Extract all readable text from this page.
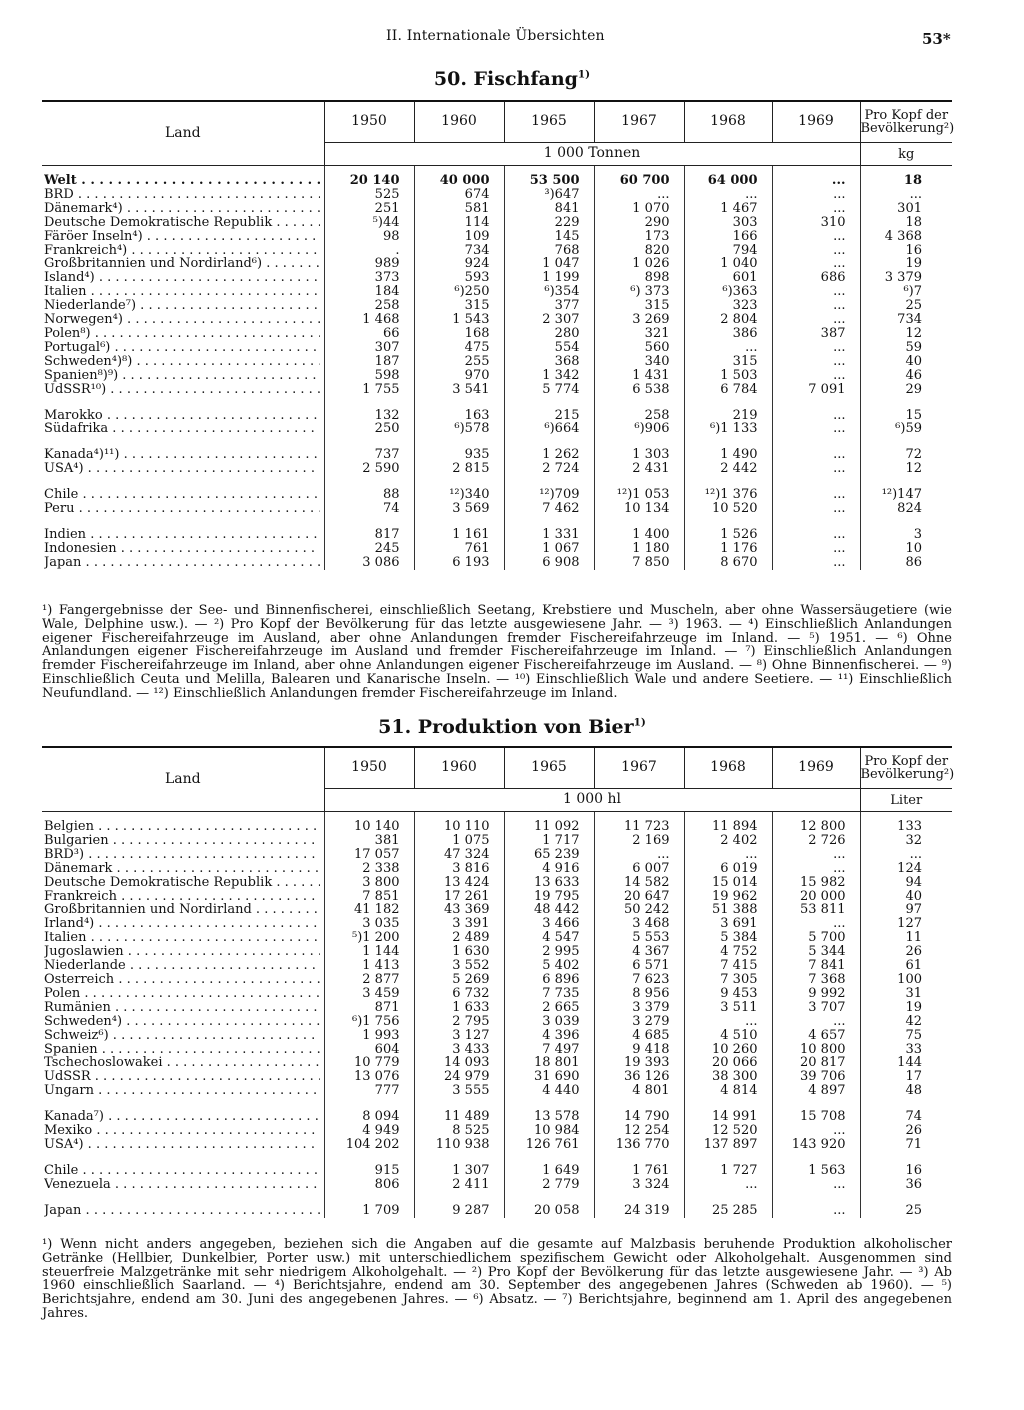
II. Internationale Übersichten	53*
50. Fischfang$^{1)}$
Land	1950	1960	1965	1967	1968	1969	Pro Kopf der Bevölkerung²)
	1 000 Tonnen						kg

Welt . . .	20 140	40 000	53 500	60 700	64 000	...	18

BRD . . .	525	674	³)647	...	...	...	...

Dänemark⁴) . . .	251	581	841	1 070	1 467	...	301

Deutsche Demokratische Republik . . .	⁵)44	114	229	290	303	310	18

Färöer Inseln⁴) . . .	98	109	145	173	166	...	4 368

Frankreich⁴) . . .	.	734	768	820	794	...	16

Großbritannien und Nordirland⁶) . . .	989	924	1 047	1 026	1 040	...	19

Island⁴) . . .	373	593	1 199	898	601	686	3 379

Italien . . .	184	⁶)250	⁶)354	⁶) 373	⁶)363	...	⁶)7

Niederlande⁷) . . .	258	315	377	315	323	...	25

Norwegen⁴) . . .	1 468	1 543	2 307	3 269	2 804	...	734

Polen⁸) . . .	66	168	280	321	386	387	12

Portugal⁶) . . .	307	475	554	560	...	...	59

Schweden⁴)⁸) . . .	187	255	368	340	315	...	40

Spanien⁸)⁹) . . .	598	970	1 342	1 431	1 503	...	46

UdSSR¹⁰) . . .	1 755	3 541	5 774	6 538	6 784	7 091	29

Marokko . . .	132	163	215	258	219	...	15

Südafrika . . .	250	⁶)578	⁶)664	⁶)906	⁶)1 133	...	⁶)59

Kanada⁴)¹¹) . . .	737	935	1 262	1 303	1 490	...	72

USA⁴) . . .	2 590	2 815	2 724	2 431	2 442	...	12

Chile . . .	88	¹²)340	¹²)709	¹²)1 053	¹²)1 376	...	¹²)147

Peru . . .	74	3 569	7 462	10 134	10 520	...	824

Indien . . .	817	1 161	1 331	1 400	1 526	...	3

Indonesien . . .	245	761	1 067	1 180	1 176	...	10

Japan . . .	3 086	6 193	6 908	7 850	8 670	...	86
¹) Fangergebnisse der See- und Binnenfischerei, einschließlich Seetang, Krebstiere und Muscheln, aber ohne Wassersäugetiere (wie Wale, Delphine usw.). — ²) Pro Kopf der Bevölkerung für das letzte ausgewiesene Jahr. — ³) 1963. — ⁴) Einschließlich Anlandungen eigener Fischereifahrzeuge im Ausland, aber ohne Anlandungen fremder Fischereifahrzeuge im Inland. — ⁵) 1951. — ⁶) Ohne Anlandungen eigener Fischereifahrzeuge im Ausland und fremder Fischereifahrzeuge im Inland. — ⁷) Einschließlich Anlandungen fremder Fischereifahrzeuge im Inland, aber ohne Anlandungen eigener Fischereifahrzeuge im Ausland. — ⁸) Ohne Binnenfischerei. — ⁹) Einschließlich Ceuta und Melilla, Balearen und Kanarische Inseln. — ¹⁰) Einschließlich Wale und andere Seetiere. — ¹¹) Einschließlich Neufundland. — ¹²) Einschließlich Anlandungen fremder Fischereifahrzeuge im Inland.
51. Produktion von Bier$^{1)}$
Land	1950	1960	1965	1967	1968	1969	Pro Kopf der Bevölkerung²)
	1 000 hl						Liter

Belgien . . .	10 140	10 110	11 092	11 723	11 894	12 800	133

Bulgarien . . .	381	1 075	1 717	2 169	2 402	2 726	32

BRD³) . . .	17 057	47 324	65 239	...	...	...	...

Dänemark . . .	2 338	3 816	4 916	6 007	6 019	...	124

Deutsche Demokratische Republik . . .	3 800	13 424	13 633	14 582	15 014	15 982	94

Frankreich . . .	7 851	17 261	19 795	20 647	19 962	20 000	40

Großbritannien und Nordirland . . .	41 182	43 369	48 442	50 242	51 388	53 811	97

Irland⁴) . . .	3 035	3 391	3 466	3 468	3 691	...	127

Italien . . .	⁵)1 200	2 489	4 547	5 553	5 384	5 700	11

Jugoslawien . . .	1 144	1 630	2 995	4 367	4 752	5 344	26

Niederlande . . .	1 413	3 552	5 402	6 571	7 415	7 841	61

Österreich . . .	2 877	5 269	6 896	7 623	7 305	7 368	100

Polen . . .	3 459	6 732	7 735	8 956	9 453	9 992	31

Rumänien . . .	871	1 633	2 665	3 379	3 511	3 707	19

Schweden⁴) . . .	⁶)1 756	2 795	3 039	3 279	...	...	42

Schweiz⁶) . . .	1 993	3 127	4 396	4 685	4 510	4 657	75

Spanien . . .	604	3 433	7 497	9 418	10 260	10 800	33

Tschechoslowakei . . .	10 779	14 093	18 801	19 393	20 066	20 817	144

UdSSR . . .	13 076	24 979	31 690	36 126	38 300	39 706	17

Ungarn . . .	777	3 555	4 440	4 801	4 814	4 897	48

Kanada⁷) . . .	8 094	11 489	13 578	14 790	14 991	15 708	74

Mexiko . . .	4 949	8 525	10 984	12 254	12 520	...	26

USA⁴) . . .	104 202	110 938	126 761	136 770	137 897	143 920	71

Chile . . .	915	1 307	1 649	1 761	1 727	1 563	16

Venezuela . . .	806	2 411	2 779	3 324	...	...	36

Japan . . .	1 709	9 287	20 058	24 319	25 285	...	25
¹) Wenn nicht anders angegeben, beziehen sich die Angaben auf die gesamte auf Malzbasis beruhende Produktion alkoholischer Getränke (Hellbier, Dunkelbier, Porter usw.) mit unterschiedlichem spezifischem Gewicht oder Alkoholgehalt. Ausgenommen sind steuerfreie Malzgetränke mit sehr niedrigem Alkoholgehalt. — ²) Pro Kopf der Bevölkerung für das letzte ausgewiesene Jahr. — ³) Ab 1960 einschließlich Saarland. — ⁴) Berichtsjahre, endend am 30. September des angegebenen Jahres (Schweden ab 1960). — ⁵) Berichtsjahre, endend am 30. Juni des angegebenen Jahres. — ⁶) Absatz. — ⁷) Berichtsjahre, beginnend am 1. April des angegebenen Jahres.
